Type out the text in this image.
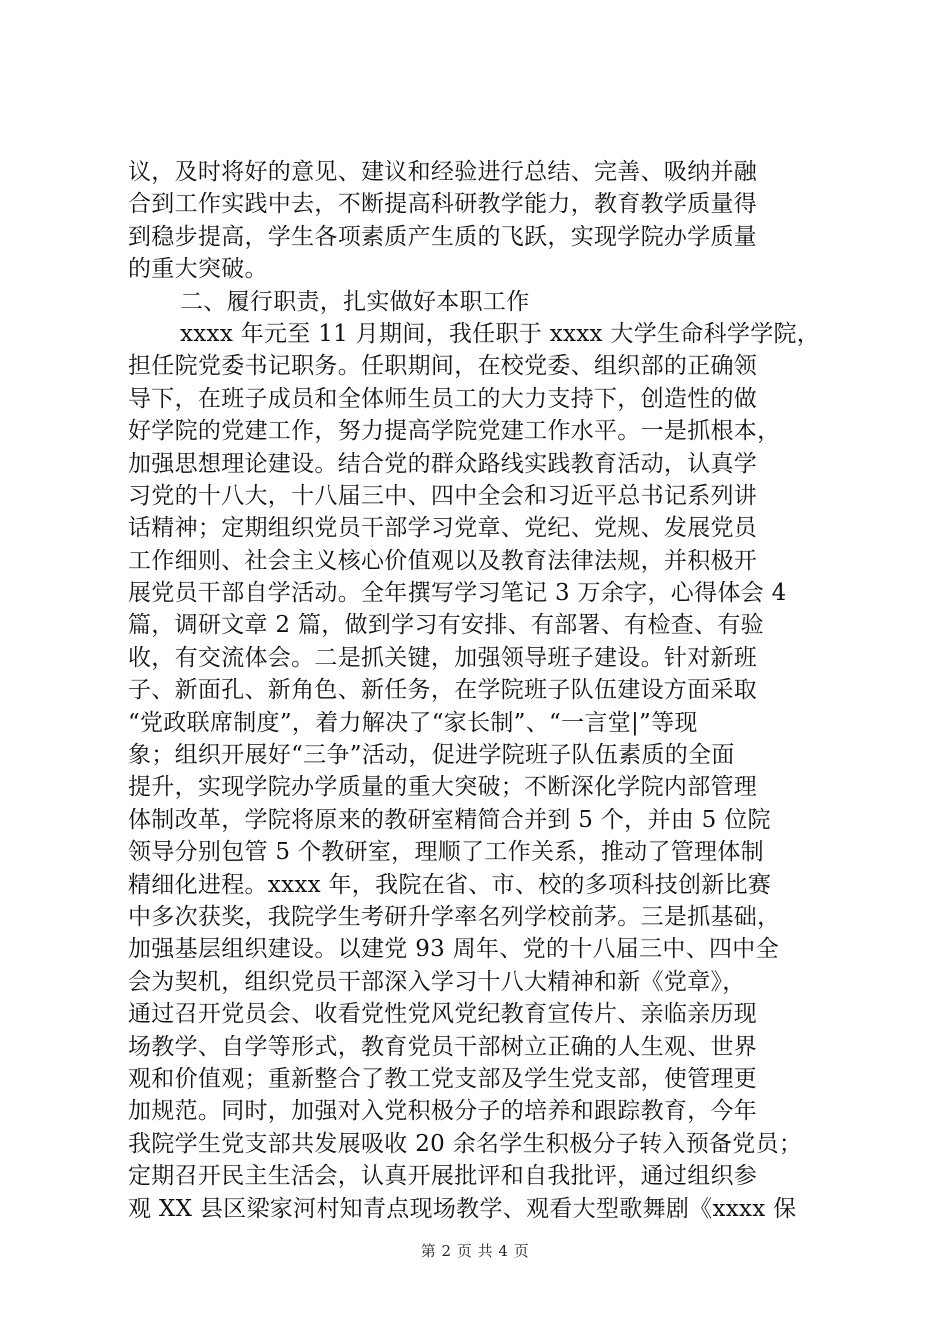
议，及时将好的意见、建议和经验进行总结、完善、吸纳并融
合到工作实践中去，不断提高科研教学能力，教育教学质量得
到稳步提高，学生各项素质产生质的飞跃，实现学院办学质量
的重大突破。
二、履行职责，扎实做好本职工作
xxxx 年元至 11 月期间，我任职于 xxxx 大学生命科学学院，
担任院党委书记职务。任职期间，在校党委、组织部的正确领
导下，在班子成员和全体师生员工的大力支持下，创造性的做
好学院的党建工作，努力提高学院党建工作水平。一是抓根本，
加强思想理论建设。结合党的群众路线实践教育活动，认真学
习党的十八大，十八届三中、四中全会和习近平总书记系列讲
话精神；定期组织党员干部学习党章、党纪、党规、发展党员
工作细则、社会主义核心价值观以及教育法律法规，并积极开
展党员干部自学活动。全年撰写学习笔记 3 万余字，心得体会 4
篇，调研文章 2 篇，做到学习有安排、有部署、有检查、有验
收，有交流体会。二是抓关键，加强领导班子建设。针对新班
子、新面孔、新角色、新任务，在学院班子队伍建设方面采取
“党政联席制度”，着力解决了“家长制”、“一言堂|”等现
象；组织开展好“三争”活动，促进学院班子队伍素质的全面
提升，实现学院办学质量的重大突破；不断深化学院内部管理
体制改革，学院将原来的教研室精简合并到 5 个，并由 5 位院
领导分别包管 5 个教研室，理顺了工作关系，推动了管理体制
精细化进程。xxxx 年，我院在省、市、校的多项科技创新比赛
中多次获奖，我院学生考研升学率名列学校前茅。三是抓基础，
加强基层组织建设。以建党 93 周年、党的十八届三中、四中全
会为契机，组织党员干部深入学习十八大精神和新《党章》，
通过召开党员会、收看党性党风党纪教育宣传片、亲临亲历现
场教学、自学等形式，教育党员干部树立正确的人生观、世界
观和价值观；重新整合了教工党支部及学生党支部，使管理更
加规范。同时，加强对入党积极分子的培养和跟踪教育，今年
我院学生党支部共发展吸收 20 余名学生积极分子转入预备党员；
定期召开民主生活会，认真开展批评和自我批评，通过组织参
观 XX 县区梁家河村知青点现场教学、观看大型歌舞剧《xxxx 保
第 2 页 共 4 页
